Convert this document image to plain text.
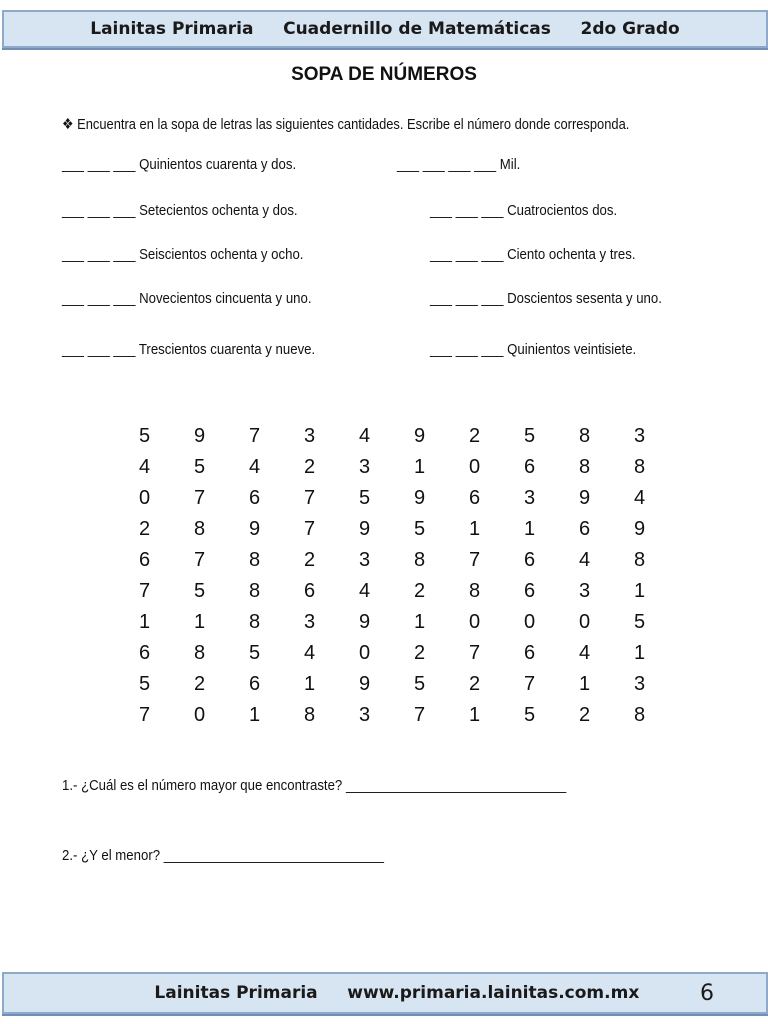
Lainitas Primaria
Cuadernillo de Matemáticas
2do Grado
SOPA DE NÚMEROS
❖ Encuentra en la sopa de letras las siguientes cantidades. Escribe el número donde corresponda.
___ ___ ___ Quinientos cuarenta y dos.
___ ___ ___ Setecientos ochenta y dos.
___ ___ ___ Seiscientos ochenta y ocho.
___ ___ ___ Novecientos cincuenta y uno.
___ ___ ___ Trescientos cuarenta y nueve.
___ ___ ___ ___ Mil.
___ ___ ___ Cuatrocientos dos.
___ ___ ___ Ciento ochenta y tres.
___ ___ ___ Doscientos sesenta y uno.
___ ___ ___ Quinientos veintisiete.
5	9	7	3	4	9	2	5	8	3
4	5	4	2	3	1	0	6	8	8
0	7	6	7	5	9	6	3	9	4
2	8	9	7	9	5	1	1	6	9
6	7	8	2	3	8	7	6	4	8
7	5	8	6	4	2	8	6	3	1
1	1	8	3	9	1	0	0	0	5
6	8	5	4	0	2	7	6	4	1
5	2	6	1	9	5	2	7	1	3
7	0	1	8	3	7	1	5	2	8
1.- ¿Cuál es el número mayor que encontraste? ______________________________
2.- ¿Y el menor? ______________________________

Lainitas Primaria www.primaria.lainitas.com.mx
	6
